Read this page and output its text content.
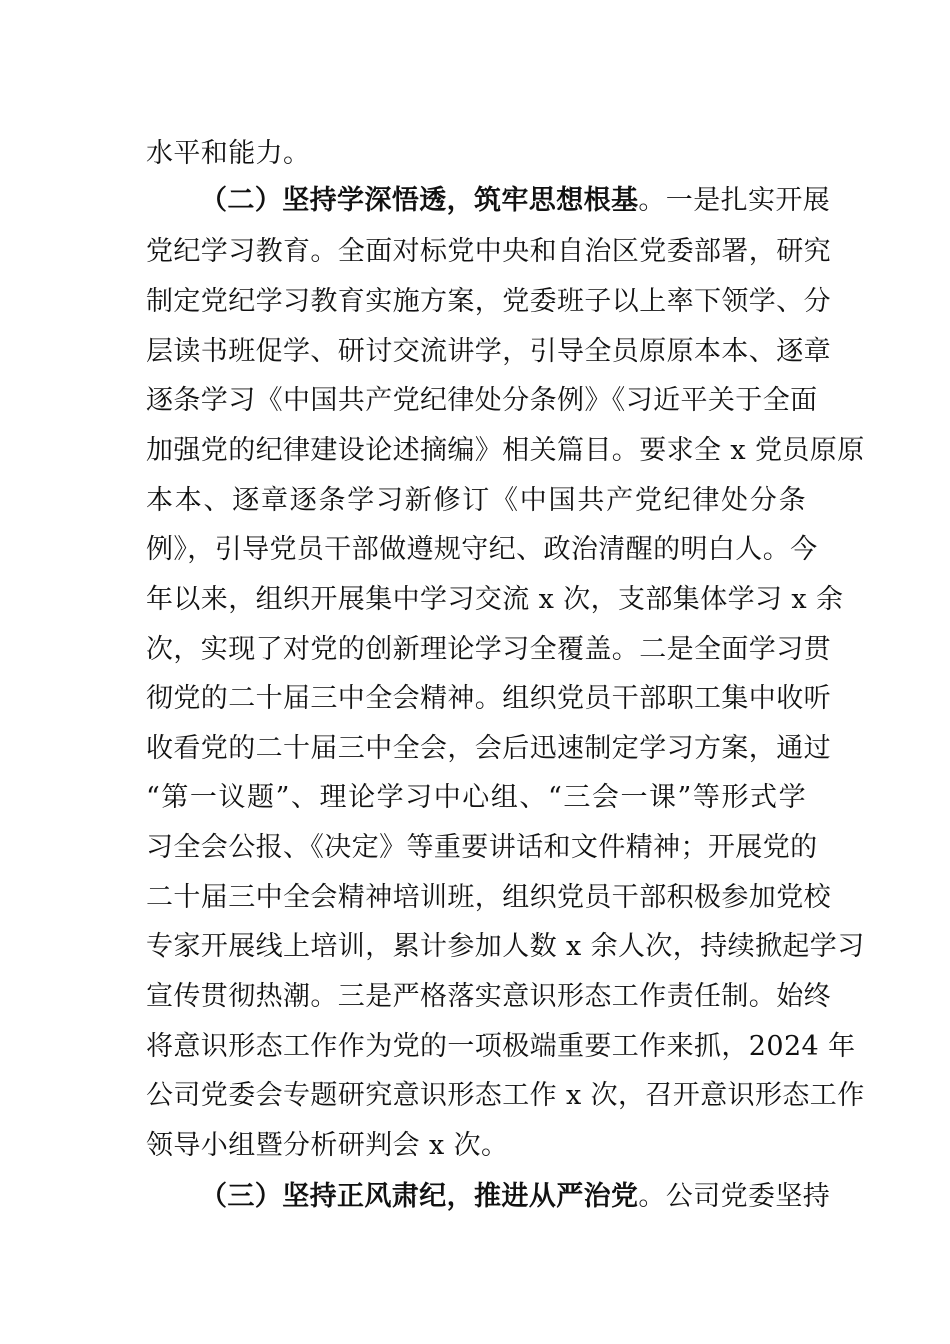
水平和能力。
（二）坚持学深悟透，筑牢思想根基。一是扎实开展
党纪学习教育。全面对标党中央和自治区党委部署，研究
制定党纪学习教育实施方案，党委班子以上率下领学、分
层读书班促学、研讨交流讲学，引导全员原原本本、逐章
逐条学习《中国共产党纪律处分条例》《习近平关于全面
加强党的纪律建设论述摘编》相关篇目。要求全 x 党员原原
本本、逐章逐条学习新修订《中国共产党纪律处分条
例》，引导党员干部做遵规守纪、政治清醒的明白人。今
年以来，组织开展集中学习交流 x 次，支部集体学习 x 余
次，实现了对党的创新理论学习全覆盖。二是全面学习贯
彻党的二十届三中全会精神。组织党员干部职工集中收听
收看党的二十届三中全会，会后迅速制定学习方案，通过
“第一议题”、理论学习中心组、“三会一课”等形式学
习全会公报、《决定》等重要讲话和文件精神；开展党的
二十届三中全会精神培训班，组织党员干部积极参加党校
专家开展线上培训，累计参加人数 x 余人次，持续掀起学习
宣传贯彻热潮。三是严格落实意识形态工作责任制。始终
将意识形态工作作为党的一项极端重要工作来抓，2024 年
公司党委会专题研究意识形态工作 x 次，召开意识形态工作
领导小组暨分析研判会 x 次。
（三）坚持正风肃纪，推进从严治党。公司党委坚持
